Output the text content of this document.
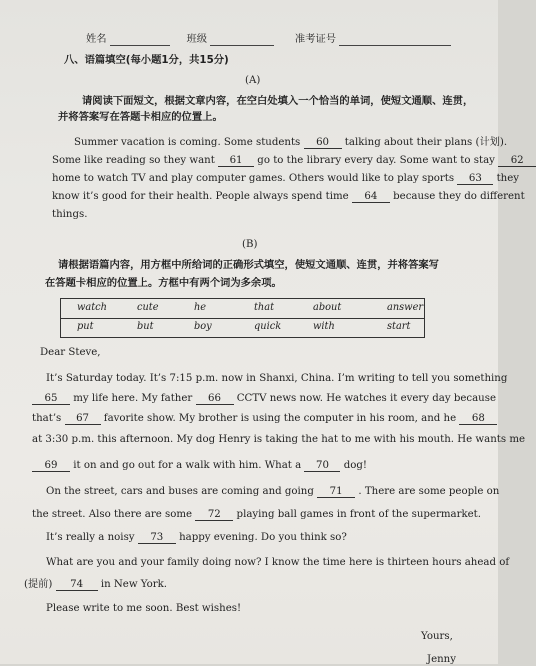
姓名	班级	准考证号
八、语篇填空(每小题1分，共15分)
(A)
请阅读下面短文，根据文章内容，在空白处填入一个恰当的单词，使短文通顺、连贯，
并将答案写在答题卡相应的位置上。
Summer vacation is coming. Some students 60 talking about their plans (计划).
Some like reading so they want 61 go to the library every day. Some want to stay 62
home to watch TV and play computer games. Others would like to play sports 63 they
know it’s good for their health. People always spend time 64 because they do different
things.
(B)
请根据语篇内容，用方框中所给词的正确形式填空，使短文通顺、连贯，并将答案写
在答题卡相应的位置上。方框中有两个词为多余项。
watch	cute	he	that	about	answer
put	but	boy	quick	with	start
Dear Steve,
It’s Saturday today. It’s 7:15 p.m. now in Shanxi, China. I’m writing to tell you something
65 my life here. My father 66 CCTV news now. He watches it every day because
that’s 67 favorite show. My brother is using the computer in his room, and he 68
at 3:30 p.m. this afternoon. My dog Henry is taking the hat to me with his mouth. He wants me
69 it on and go out for a walk with him. What a 70 dog!
On the street, cars and buses are coming and going 71 . There are some people on
the street. Also there are some 72 playing ball games in front of the supermarket.
It’s really a noisy 73 happy evening. Do you think so?
What are you and your family doing now? I know the time here is thirteen hours ahead of
(提前) 74 in New York.
Please write to me soon. Best wishes!
Yours,
Jenny
